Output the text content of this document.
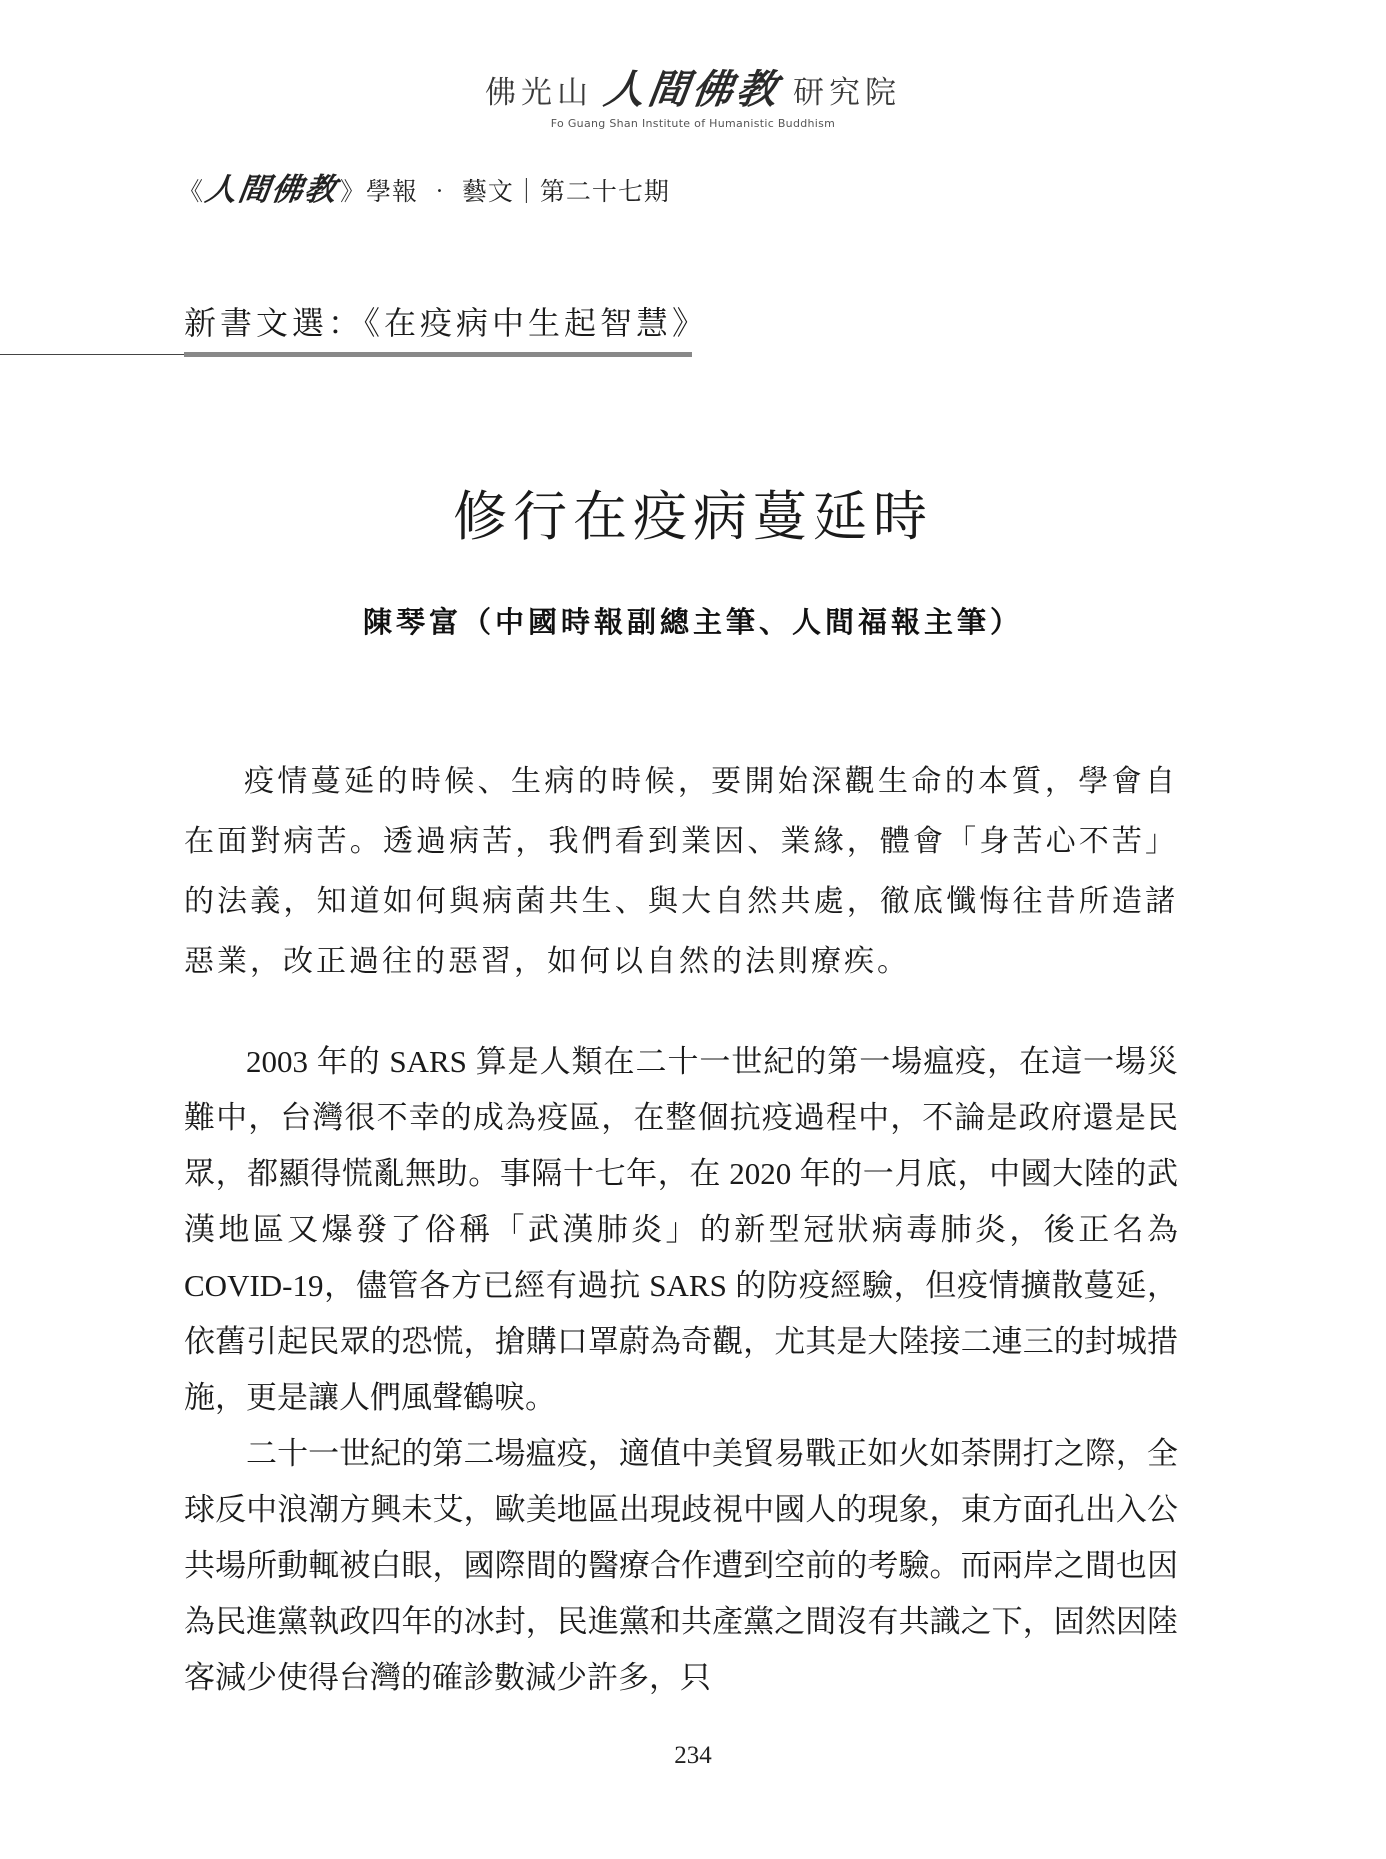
佛光山 人間佛教 研究院
Fo Guang Shan Institute of Humanistic Buddhism
《
人間佛教 》學報 ‧ 藝文｜第二十七期
新書文選：《在疫病中生起智慧》
修行在疫病蔓延時
陳琴富（中國時報副總主筆、人間福報主筆）

疫情蔓延的時候、生病的時候，要開始深觀生命的本質，學會自在面對病苦。透過病苦，我們看到業因、業緣，體會「身苦心不苦」的法義，知道如何與病菌共生、與大自然共處，徹底懺悔往昔所造諸惡業，改正過往的惡習，如何以自然的法則療疾。

2003 年的 SARS 算是人類在二十一世紀的第一場瘟疫，在這一場災難中，台灣很不幸的成為疫區，在整個抗疫過程中，不論是政府還是民眾，都顯得慌亂無助。事隔十七年，在 2020 年的一月底，中國大陸的武漢地區又爆發了俗稱「武漢肺炎」的新型冠狀病毒肺炎，後正名為 COVID-19，儘管各方已經有過抗 SARS 的防疫經驗，但疫情擴散蔓延，依舊引起民眾的恐慌，搶購口罩蔚為奇觀，尤其是大陸接二連三的封城措施，更是讓人們風聲鶴唳。

二十一世紀的第二場瘟疫，適值中美貿易戰正如火如荼開打之際，全球反中浪潮方興未艾，歐美地區出現歧視中國人的現象，東方面孔出入公共場所動輒被白眼，國際間的醫療合作遭到空前的考驗。而兩岸之間也因為民進黨執政四年的冰封，民進黨和共產黨之間沒有共識之下，固然因陸客減少使得台灣的確診數減少許多，只

234
